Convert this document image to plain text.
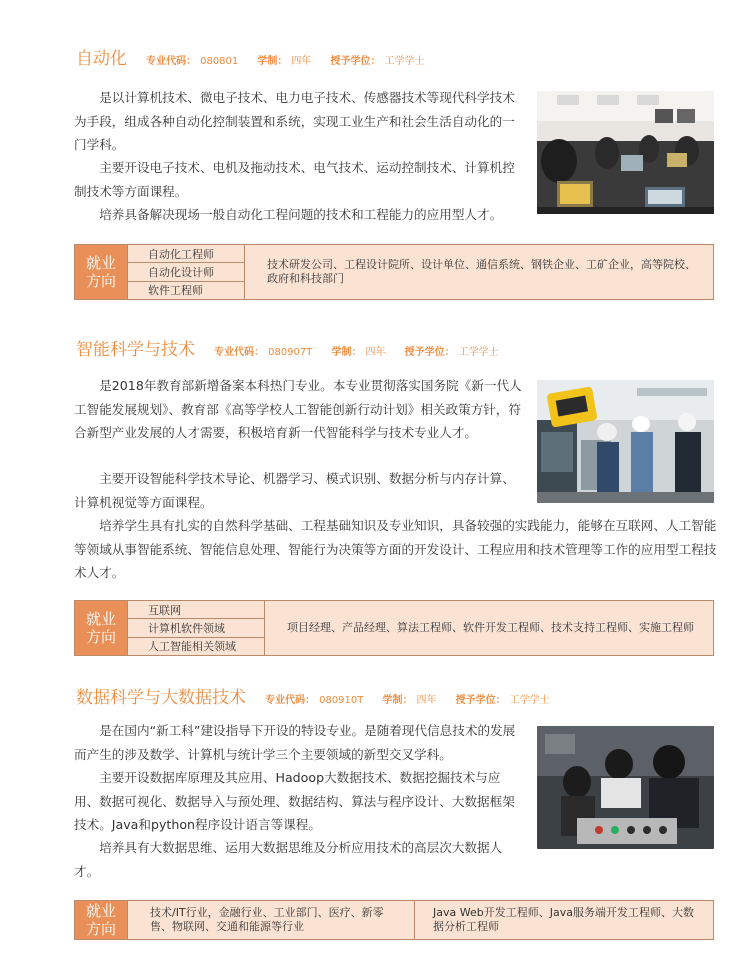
自动化 专业代码： 080801 学制： 四年 授予学位： 工学学士

是以计算机技术、微电子技术、电力电子技术、传感器技术等现代科学技术为手段，组成各种自动化控制装置和系统，实现工业生产和社会生活自动化的一门学科。

主要开设电子技术、电机及拖动技术、电气技术、运动控制技术、计算机控制技术等方面课程。

培养具备解决现场一般自动化工程问题的技术和工程能力的应用型人才。

就业
方向
自动化工程师
自动化设计师
软件工程师
技术研发公司、工程设计院所、设计单位、通信系统、钢铁企业、工矿企业，高等院校、政府和科技部门
智能科学与技术 专业代码： 080907T 学制： 四年 授予学位： 工学学士

是2018年教育部新增备案本科热门专业。本专业贯彻落实国务院《新一代人工智能发展规划》、教育部《高等学校人工智能创新行动计划》相关政策方针，符合新型产业发展的人才需要，积极培育新一代智能科学与技术专业人才。

主要开设智能科学技术导论、机器学习、模式识别、数据分析与内存计算、计算机视觉等方面课程。

培养学生具有扎实的自然科学基础、工程基础知识及专业知识，具备较强的实践能力，能够在互联网、人工智能等领域从事智能系统、智能信息处理、智能行为决策等方面的开发设计、工程应用和技术管理等工作的应用型工程技术人才。

就业
方向
互联网
计算机软件领域
人工智能相关领域
项目经理、产品经理、算法工程师、软件开发工程师、技术支持工程师、实施工程师
数据科学与大数据技术 专业代码： 080910T 学制： 四年 授予学位： 工学学士

是在国内“新工科”建设指导下开设的特设专业。是随着现代信息技术的发展而产生的涉及数学、计算机与统计学三个主要领域的新型交叉学科。

主要开设数据库原理及其应用、Hadoop大数据技术、数据挖掘技术与应用、数据可视化、数据导入与预处理、数据结构、算法与程序设计、大数据框架技术。Java和python程序设计语言等课程。

培养具有大数据思维、运用大数据思维及分析应用技术的高层次大数据人才。

就业
方向
技术/IT行业，金融行业、工业部门、医疗、新零售、物联网、交通和能源等行业
Java Web开发工程师、Java服务端开发工程师、大数据分析工程师
